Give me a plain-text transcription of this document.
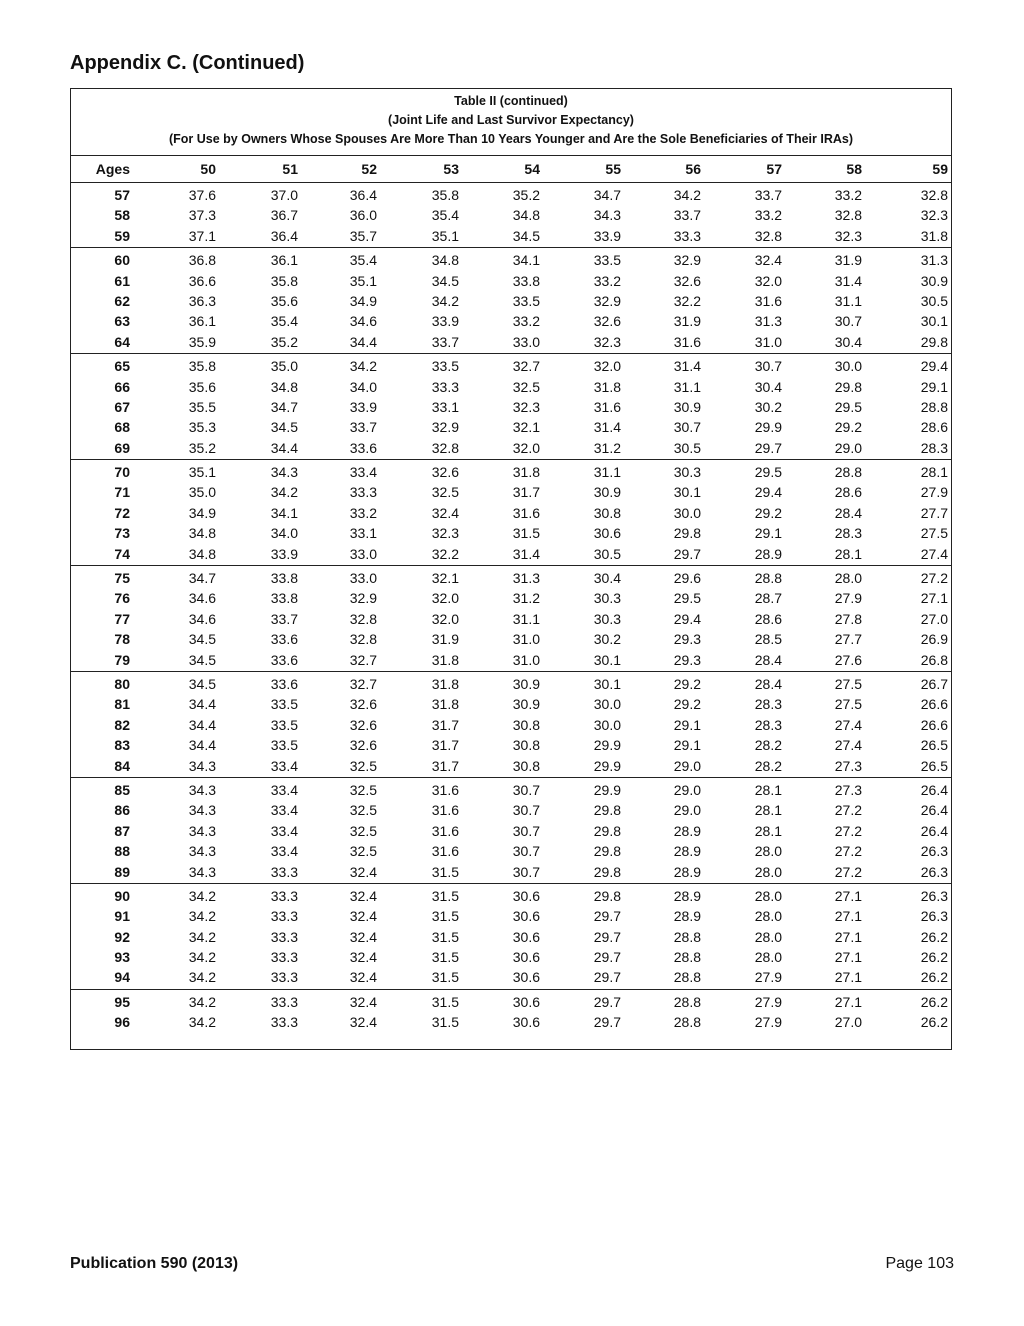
Appendix C. (Continued)
Table II (continued)
(Joint Life and Last Survivor Expectancy)
(For Use by Owners Whose Spouses Are More Than 10 Years Younger and Are the Sole Beneficiaries of Their IRAs)
Ages	50	51	52	53	54	55	56	57	58	59
57	37.6	37.0	36.4	35.8	35.2	34.7	34.2	33.7	33.2	32.8
58	37.3	36.7	36.0	35.4	34.8	34.3	33.7	33.2	32.8	32.3
59	37.1	36.4	35.7	35.1	34.5	33.9	33.3	32.8	32.3	31.8
60	36.8	36.1	35.4	34.8	34.1	33.5	32.9	32.4	31.9	31.3
61	36.6	35.8	35.1	34.5	33.8	33.2	32.6	32.0	31.4	30.9
62	36.3	35.6	34.9	34.2	33.5	32.9	32.2	31.6	31.1	30.5
63	36.1	35.4	34.6	33.9	33.2	32.6	31.9	31.3	30.7	30.1
64	35.9	35.2	34.4	33.7	33.0	32.3	31.6	31.0	30.4	29.8
65	35.8	35.0	34.2	33.5	32.7	32.0	31.4	30.7	30.0	29.4
66	35.6	34.8	34.0	33.3	32.5	31.8	31.1	30.4	29.8	29.1
67	35.5	34.7	33.9	33.1	32.3	31.6	30.9	30.2	29.5	28.8
68	35.3	34.5	33.7	32.9	32.1	31.4	30.7	29.9	29.2	28.6
69	35.2	34.4	33.6	32.8	32.0	31.2	30.5	29.7	29.0	28.3
70	35.1	34.3	33.4	32.6	31.8	31.1	30.3	29.5	28.8	28.1
71	35.0	34.2	33.3	32.5	31.7	30.9	30.1	29.4	28.6	27.9
72	34.9	34.1	33.2	32.4	31.6	30.8	30.0	29.2	28.4	27.7
73	34.8	34.0	33.1	32.3	31.5	30.6	29.8	29.1	28.3	27.5
74	34.8	33.9	33.0	32.2	31.4	30.5	29.7	28.9	28.1	27.4
75	34.7	33.8	33.0	32.1	31.3	30.4	29.6	28.8	28.0	27.2
76	34.6	33.8	32.9	32.0	31.2	30.3	29.5	28.7	27.9	27.1
77	34.6	33.7	32.8	32.0	31.1	30.3	29.4	28.6	27.8	27.0
78	34.5	33.6	32.8	31.9	31.0	30.2	29.3	28.5	27.7	26.9
79	34.5	33.6	32.7	31.8	31.0	30.1	29.3	28.4	27.6	26.8
80	34.5	33.6	32.7	31.8	30.9	30.1	29.2	28.4	27.5	26.7
81	34.4	33.5	32.6	31.8	30.9	30.0	29.2	28.3	27.5	26.6
82	34.4	33.5	32.6	31.7	30.8	30.0	29.1	28.3	27.4	26.6
83	34.4	33.5	32.6	31.7	30.8	29.9	29.1	28.2	27.4	26.5
84	34.3	33.4	32.5	31.7	30.8	29.9	29.0	28.2	27.3	26.5
85	34.3	33.4	32.5	31.6	30.7	29.9	29.0	28.1	27.3	26.4
86	34.3	33.4	32.5	31.6	30.7	29.8	29.0	28.1	27.2	26.4
87	34.3	33.4	32.5	31.6	30.7	29.8	28.9	28.1	27.2	26.4
88	34.3	33.4	32.5	31.6	30.7	29.8	28.9	28.0	27.2	26.3
89	34.3	33.3	32.4	31.5	30.7	29.8	28.9	28.0	27.2	26.3
90	34.2	33.3	32.4	31.5	30.6	29.8	28.9	28.0	27.1	26.3
91	34.2	33.3	32.4	31.5	30.6	29.7	28.9	28.0	27.1	26.3
92	34.2	33.3	32.4	31.5	30.6	29.7	28.8	28.0	27.1	26.2
93	34.2	33.3	32.4	31.5	30.6	29.7	28.8	28.0	27.1	26.2
94	34.2	33.3	32.4	31.5	30.6	29.7	28.8	27.9	27.1	26.2
95	34.2	33.3	32.4	31.5	30.6	29.7	28.8	27.9	27.1	26.2
96	34.2	33.3	32.4	31.5	30.6	29.7	28.8	27.9	27.0	26.2
Publication 590 (2013)	Page 103
